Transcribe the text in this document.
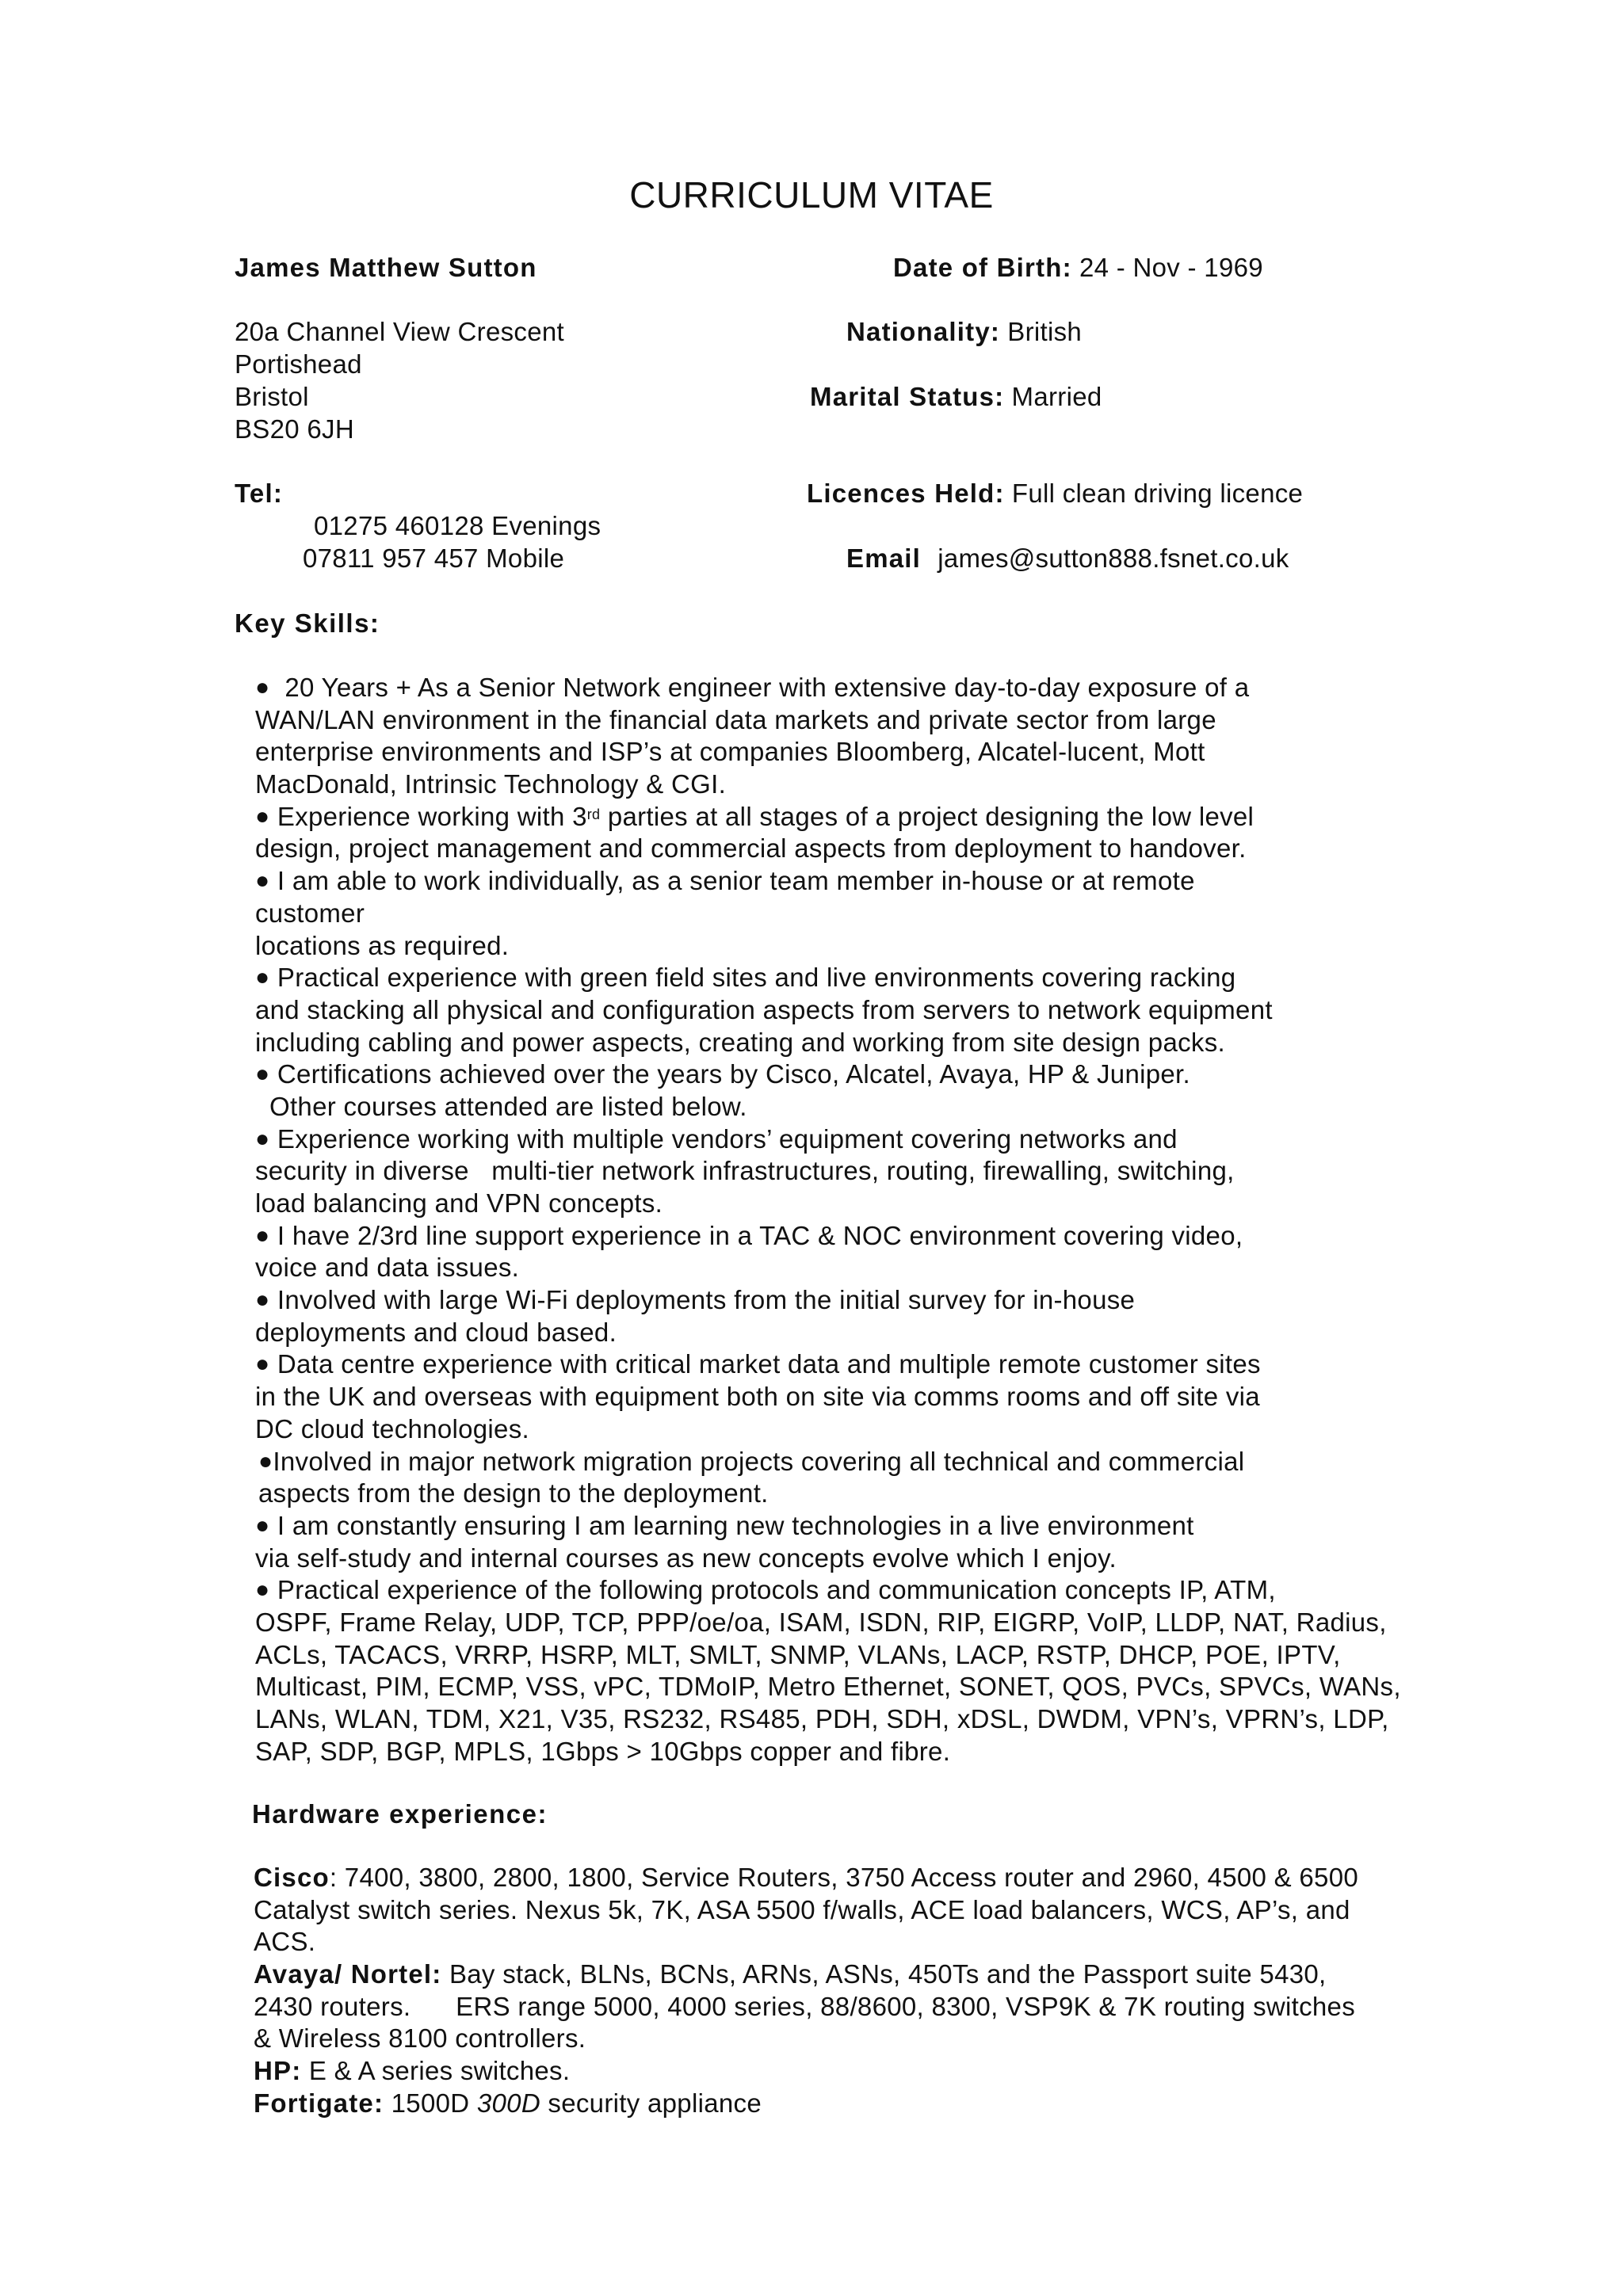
CURRICULUM VITAE
James Matthew Sutton
20a Channel View Crescent
Portishead
Bristol
BS20 6JH
Tel:
01275 460128 Evenings
07811 957 457 Mobile
Date of Birth: 24 - Nov - 1969
Nationality: British
Marital Status: Married
Licences Held: Full clean driving licence
Email james@sutton888.fsnet.co.uk
Key Skills:
● 20 Years + As a Senior Network engineer with extensive day-to-day exposure of a
WAN/LAN environment in the financial data markets and private sector from large
enterprise environments and ISP’s at companies Bloomberg, Alcatel-lucent, Mott
MacDonald, Intrinsic Technology & CGI.
● Experience working with 3rd parties at all stages of a project designing the low level
design, project management and commercial aspects from deployment to handover.
● I am able to work individually, as a senior team member in-house or at remote
customer
locations as required.
● Practical experience with green field sites and live environments covering racking
and stacking all physical and configuration aspects from servers to network equipment
including cabling and power aspects, creating and working from site design packs.
● Certifications achieved over the years by Cisco, Alcatel, Avaya, HP & Juniper.
Other courses attended are listed below.
● Experience working with multiple vendors’ equipment covering networks and
security in diverse   multi-tier network infrastructures, routing, firewalling, switching,
load balancing and VPN concepts.
● I have 2/3rd line support experience in a TAC & NOC environment covering video,
voice and data issues.
● Involved with large Wi-Fi deployments from the initial survey for in-house
deployments and cloud based.
● Data centre experience with critical market data and multiple remote customer sites
in the UK and overseas with equipment both on site via comms rooms and off site via
DC cloud technologies.
●Involved in major network migration projects covering all technical and commercial
aspects from the design to the deployment.
● I am constantly ensuring I am learning new technologies in a live environment
via self-study and internal courses as new concepts evolve which I enjoy.
● Practical experience of the following protocols and communication concepts IP, ATM,
OSPF, Frame Relay, UDP, TCP, PPP/oe/oa, ISAM, ISDN, RIP, EIGRP, VoIP, LLDP, NAT, Radius,
ACLs, TACACS, VRRP, HSRP, MLT, SMLT, SNMP, VLANs, LACP, RSTP, DHCP, POE, IPTV,
Multicast, PIM, ECMP, VSS, vPC, TDMoIP, Metro Ethernet, SONET, QOS, PVCs, SPVCs, WANs,
LANs, WLAN, TDM, X21, V35, RS232, RS485, PDH, SDH, xDSL, DWDM, VPN’s, VPRN’s, LDP,
SAP, SDP, BGP, MPLS, 1Gbps > 10Gbps copper and fibre.
Hardware experience:
Cisco: 7400, 3800, 2800, 1800, Service Routers, 3750 Access router and 2960, 4500 & 6500
Catalyst switch series. Nexus 5k, 7K, ASA 5500 f/walls, ACE load balancers, WCS, AP’s, and
ACS.
Avaya/ Nortel: Bay stack, BLNs, BCNs, ARNs, ASNs, 450Ts and the Passport suite 5430,
2430 routers.      ERS range 5000, 4000 series, 88/8600, 8300, VSP9K & 7K routing switches
& Wireless 8100 controllers.
HP: E & A series switches.
Fortigate: 1500D 300D security appliance
